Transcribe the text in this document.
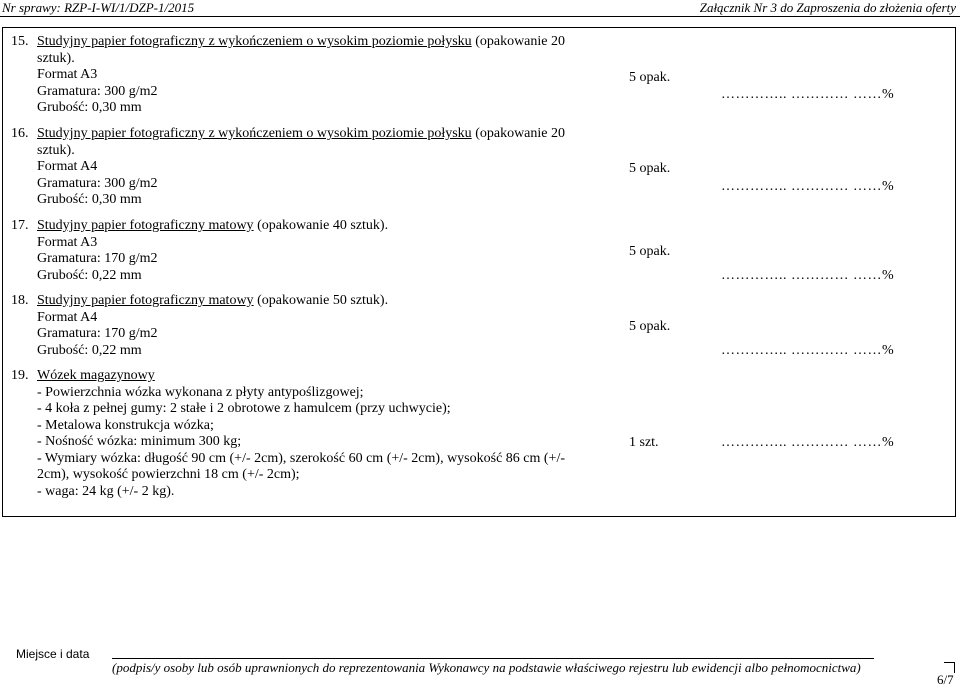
Nr sprawy: RZP-I-WI/1/DZP-1/2015	Załącznik Nr 3 do Zaproszenia do złożenia oferty
15. Studyjny papier fotograficzny z wykończeniem o wysokim poziomie połysku (opakowanie 20
sztuk).
Format A3
Gramatura: 300 g/m2
Grubość: 0,30 mm
5 opak.
………….. ………… ……%
16. Studyjny papier fotograficzny z wykończeniem o wysokim poziomie połysku (opakowanie 20
sztuk).
Format A4
Gramatura: 300 g/m2
Grubość: 0,30 mm
5 opak.
………….. ………… ……%
17. Studyjny papier fotograficzny matowy (opakowanie 40 sztuk).
Format A3
Gramatura: 170 g/m2
Grubość: 0,22 mm
5 opak.
………….. ………… ……%
18. Studyjny papier fotograficzny matowy (opakowanie 50 sztuk).
Format A4
Gramatura: 170 g/m2
Grubość: 0,22 mm
5 opak.
………….. ………… ……%
19. Wózek magazynowy
- Powierzchnia wózka wykonana z płyty antypoślizgowej;
- 4 koła z pełnej gumy: 2 stałe i 2 obrotowe z hamulcem (przy uchwycie);
- Metalowa konstrukcja wózka;
- Nośność wózka: minimum 300 kg;
- Wymiary wózka: długość 90 cm (+/- 2cm), szerokość 60 cm (+/- 2cm), wysokość 86 cm (+/-
2cm), wysokość powierzchni 18 cm (+/- 2cm);
- waga: 24 kg (+/- 2 kg).
1 szt.	………….. ………… ……%
Miejsce i data
(podpis/y osoby lub osób uprawnionych do reprezentowania Wykonawcy na podstawie właściwego rejestru lub ewidencji albo pełnomocnictwa)
6/7
